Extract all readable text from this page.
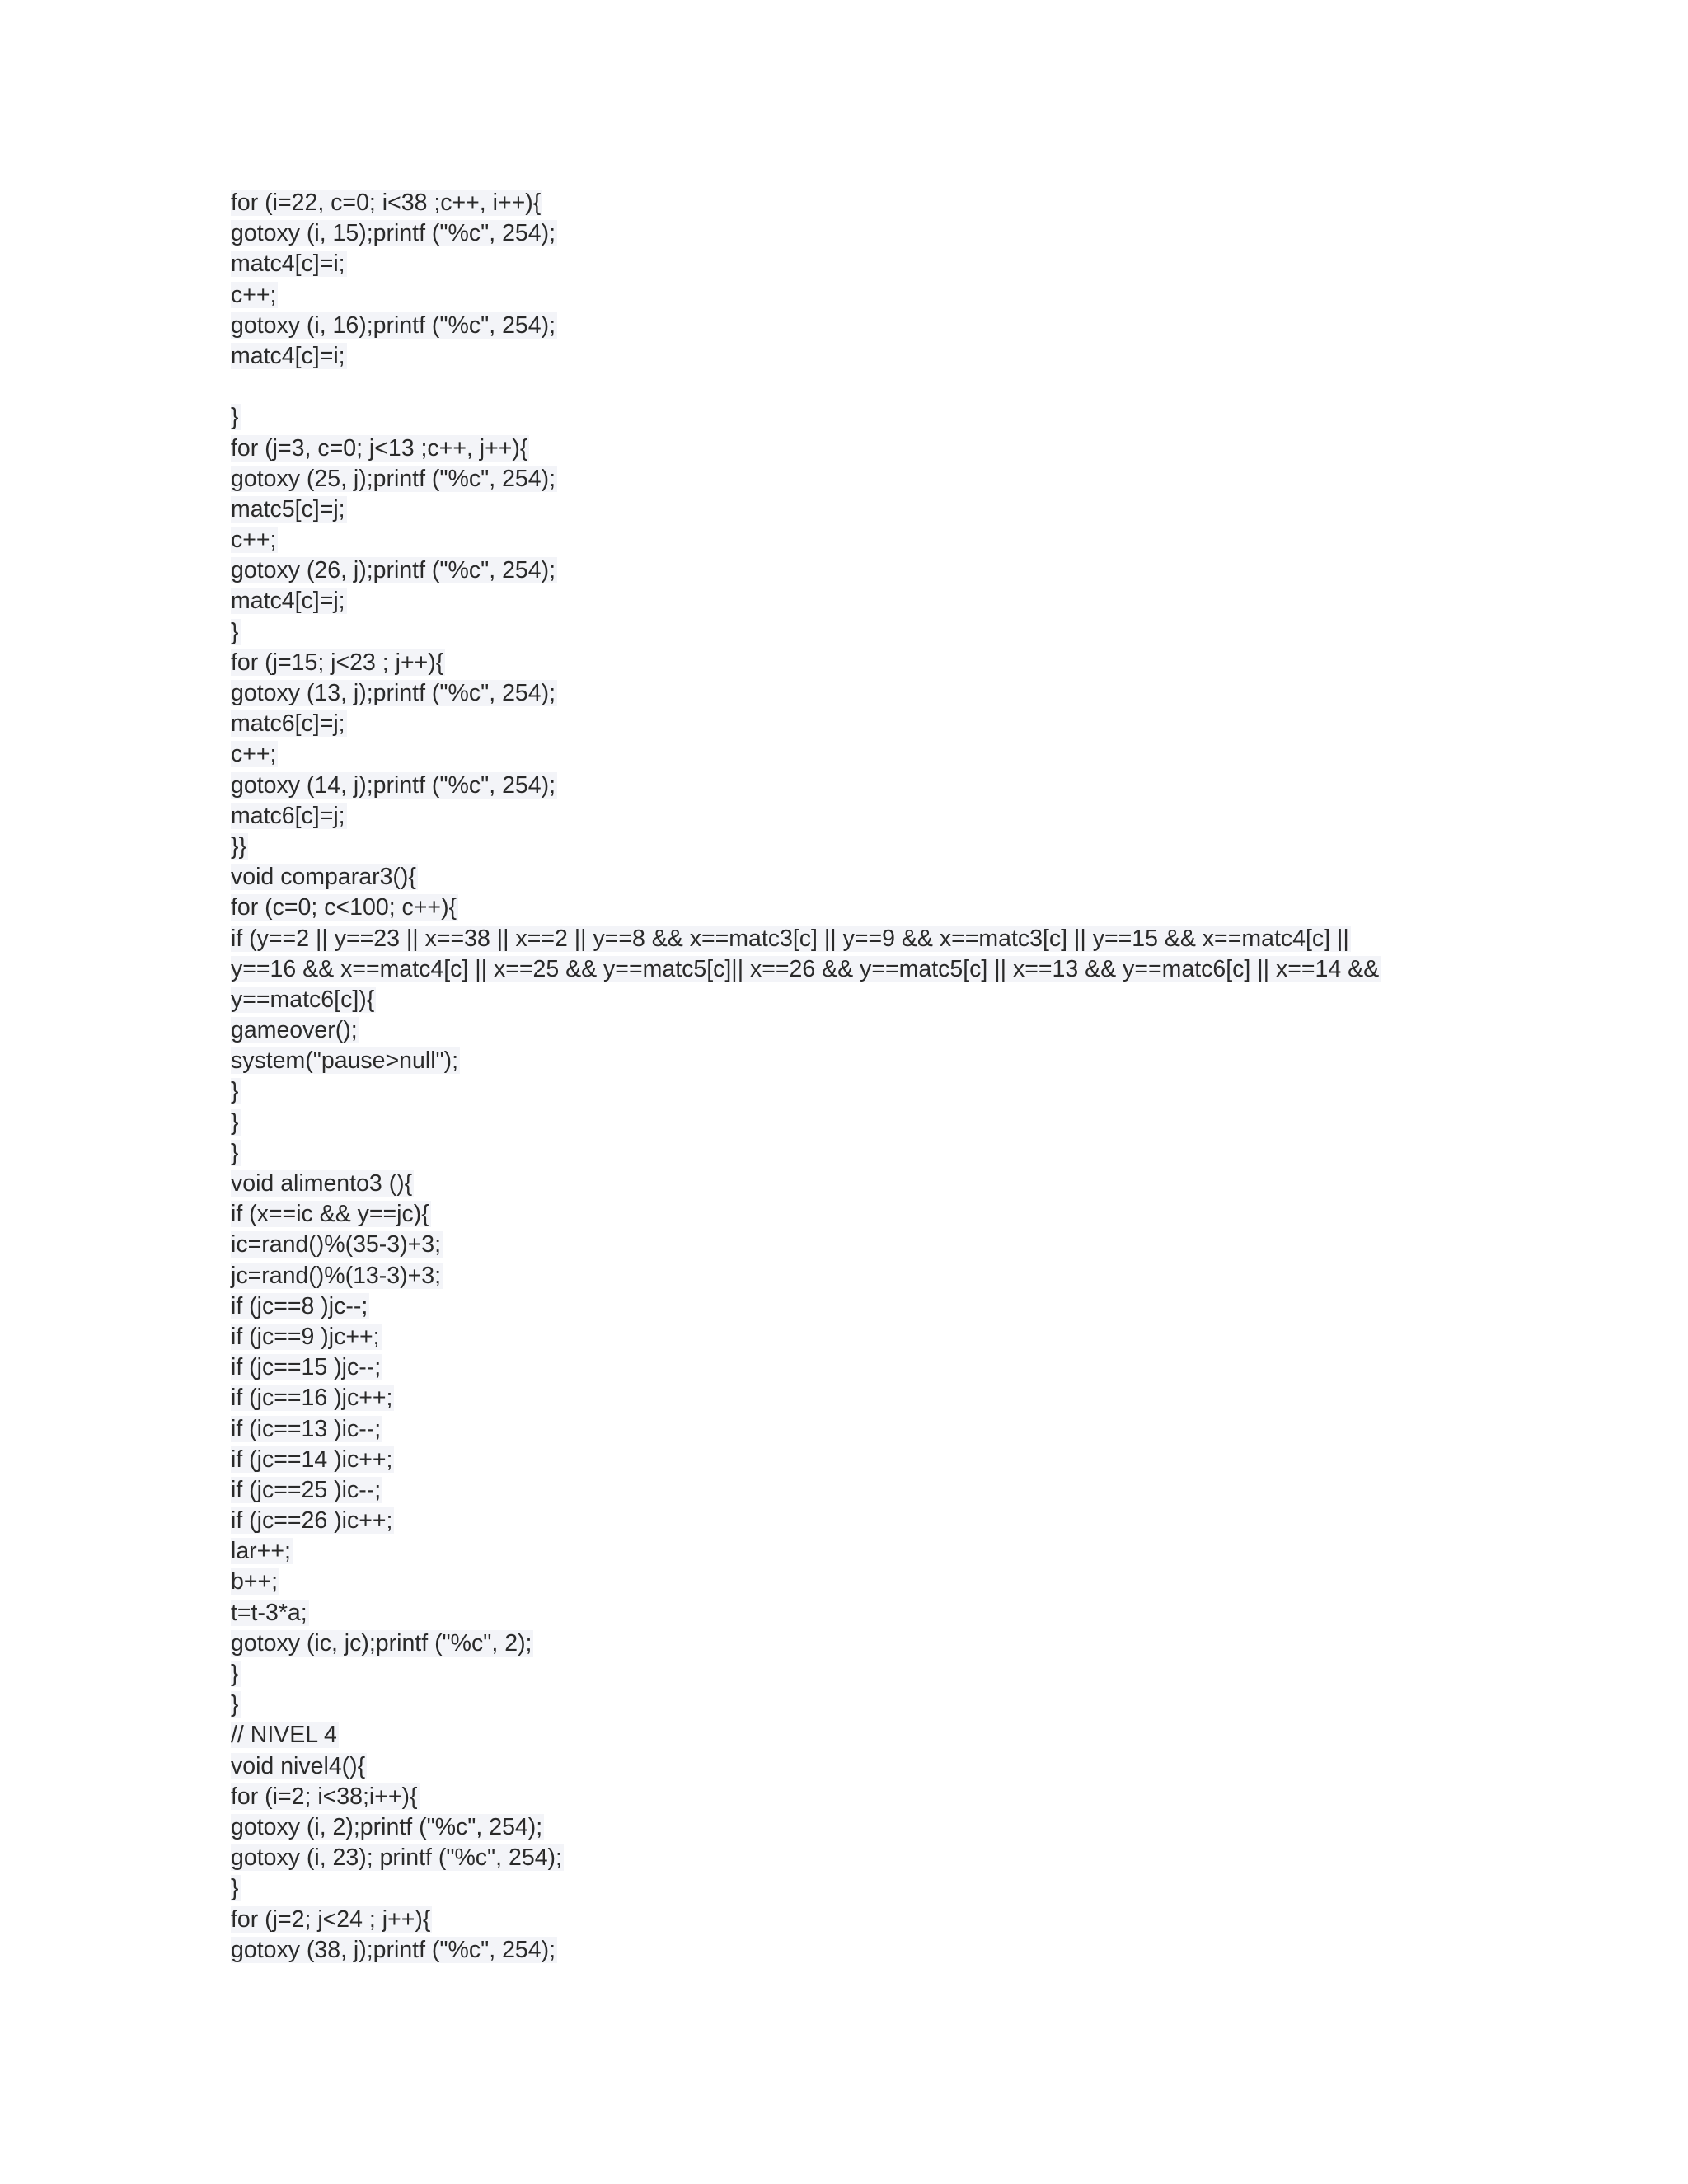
for (i=22, c=0; i<38 ;c++, i++){
gotoxy (i, 15);printf ("%c", 254);
matc4[c]=i;
c++;
gotoxy (i, 16);printf ("%c", 254);
matc4[c]=i;
}
for (j=3, c=0; j<13 ;c++, j++){
gotoxy (25, j);printf ("%c", 254);
matc5[c]=j;
c++;
gotoxy (26, j);printf ("%c", 254);
matc4[c]=j;
}
for (j=15; j<23 ; j++){
gotoxy (13, j);printf ("%c", 254);
matc6[c]=j;
c++;
gotoxy (14, j);printf ("%c", 254);
matc6[c]=j;
}}
void comparar3(){
for (c=0; c<100; c++){
if (y==2 || y==23 || x==38 || x==2 || y==8 && x==matc3[c] || y==9 && x==matc3[c] || y==15 && x==matc4[c] ||
y==16 && x==matc4[c] || x==25 && y==matc5[c]|| x==26 && y==matc5[c] || x==13 && y==matc6[c] || x==14 &&
y==matc6[c]){
gameover();
system("pause>null");
}
}
}
void alimento3 (){
if (x==ic && y==jc){
ic=rand()%(35-3)+3;
jc=rand()%(13-3)+3;
if (jc==8 )jc--;
if (jc==9 )jc++;
if (jc==15 )jc--;
if (jc==16 )jc++;
if (ic==13 )ic--;
if (jc==14 )ic++;
if (jc==25 )ic--;
if (jc==26 )ic++;
lar++;
b++;
t=t-3*a;
gotoxy (ic, jc);printf ("%c", 2);
}
}
// NIVEL 4
void nivel4(){
for (i=2; i<38;i++){
gotoxy (i, 2);printf ("%c", 254);
gotoxy (i, 23); printf ("%c", 254);
}
for (j=2; j<24 ; j++){
gotoxy (38, j);printf ("%c", 254);
